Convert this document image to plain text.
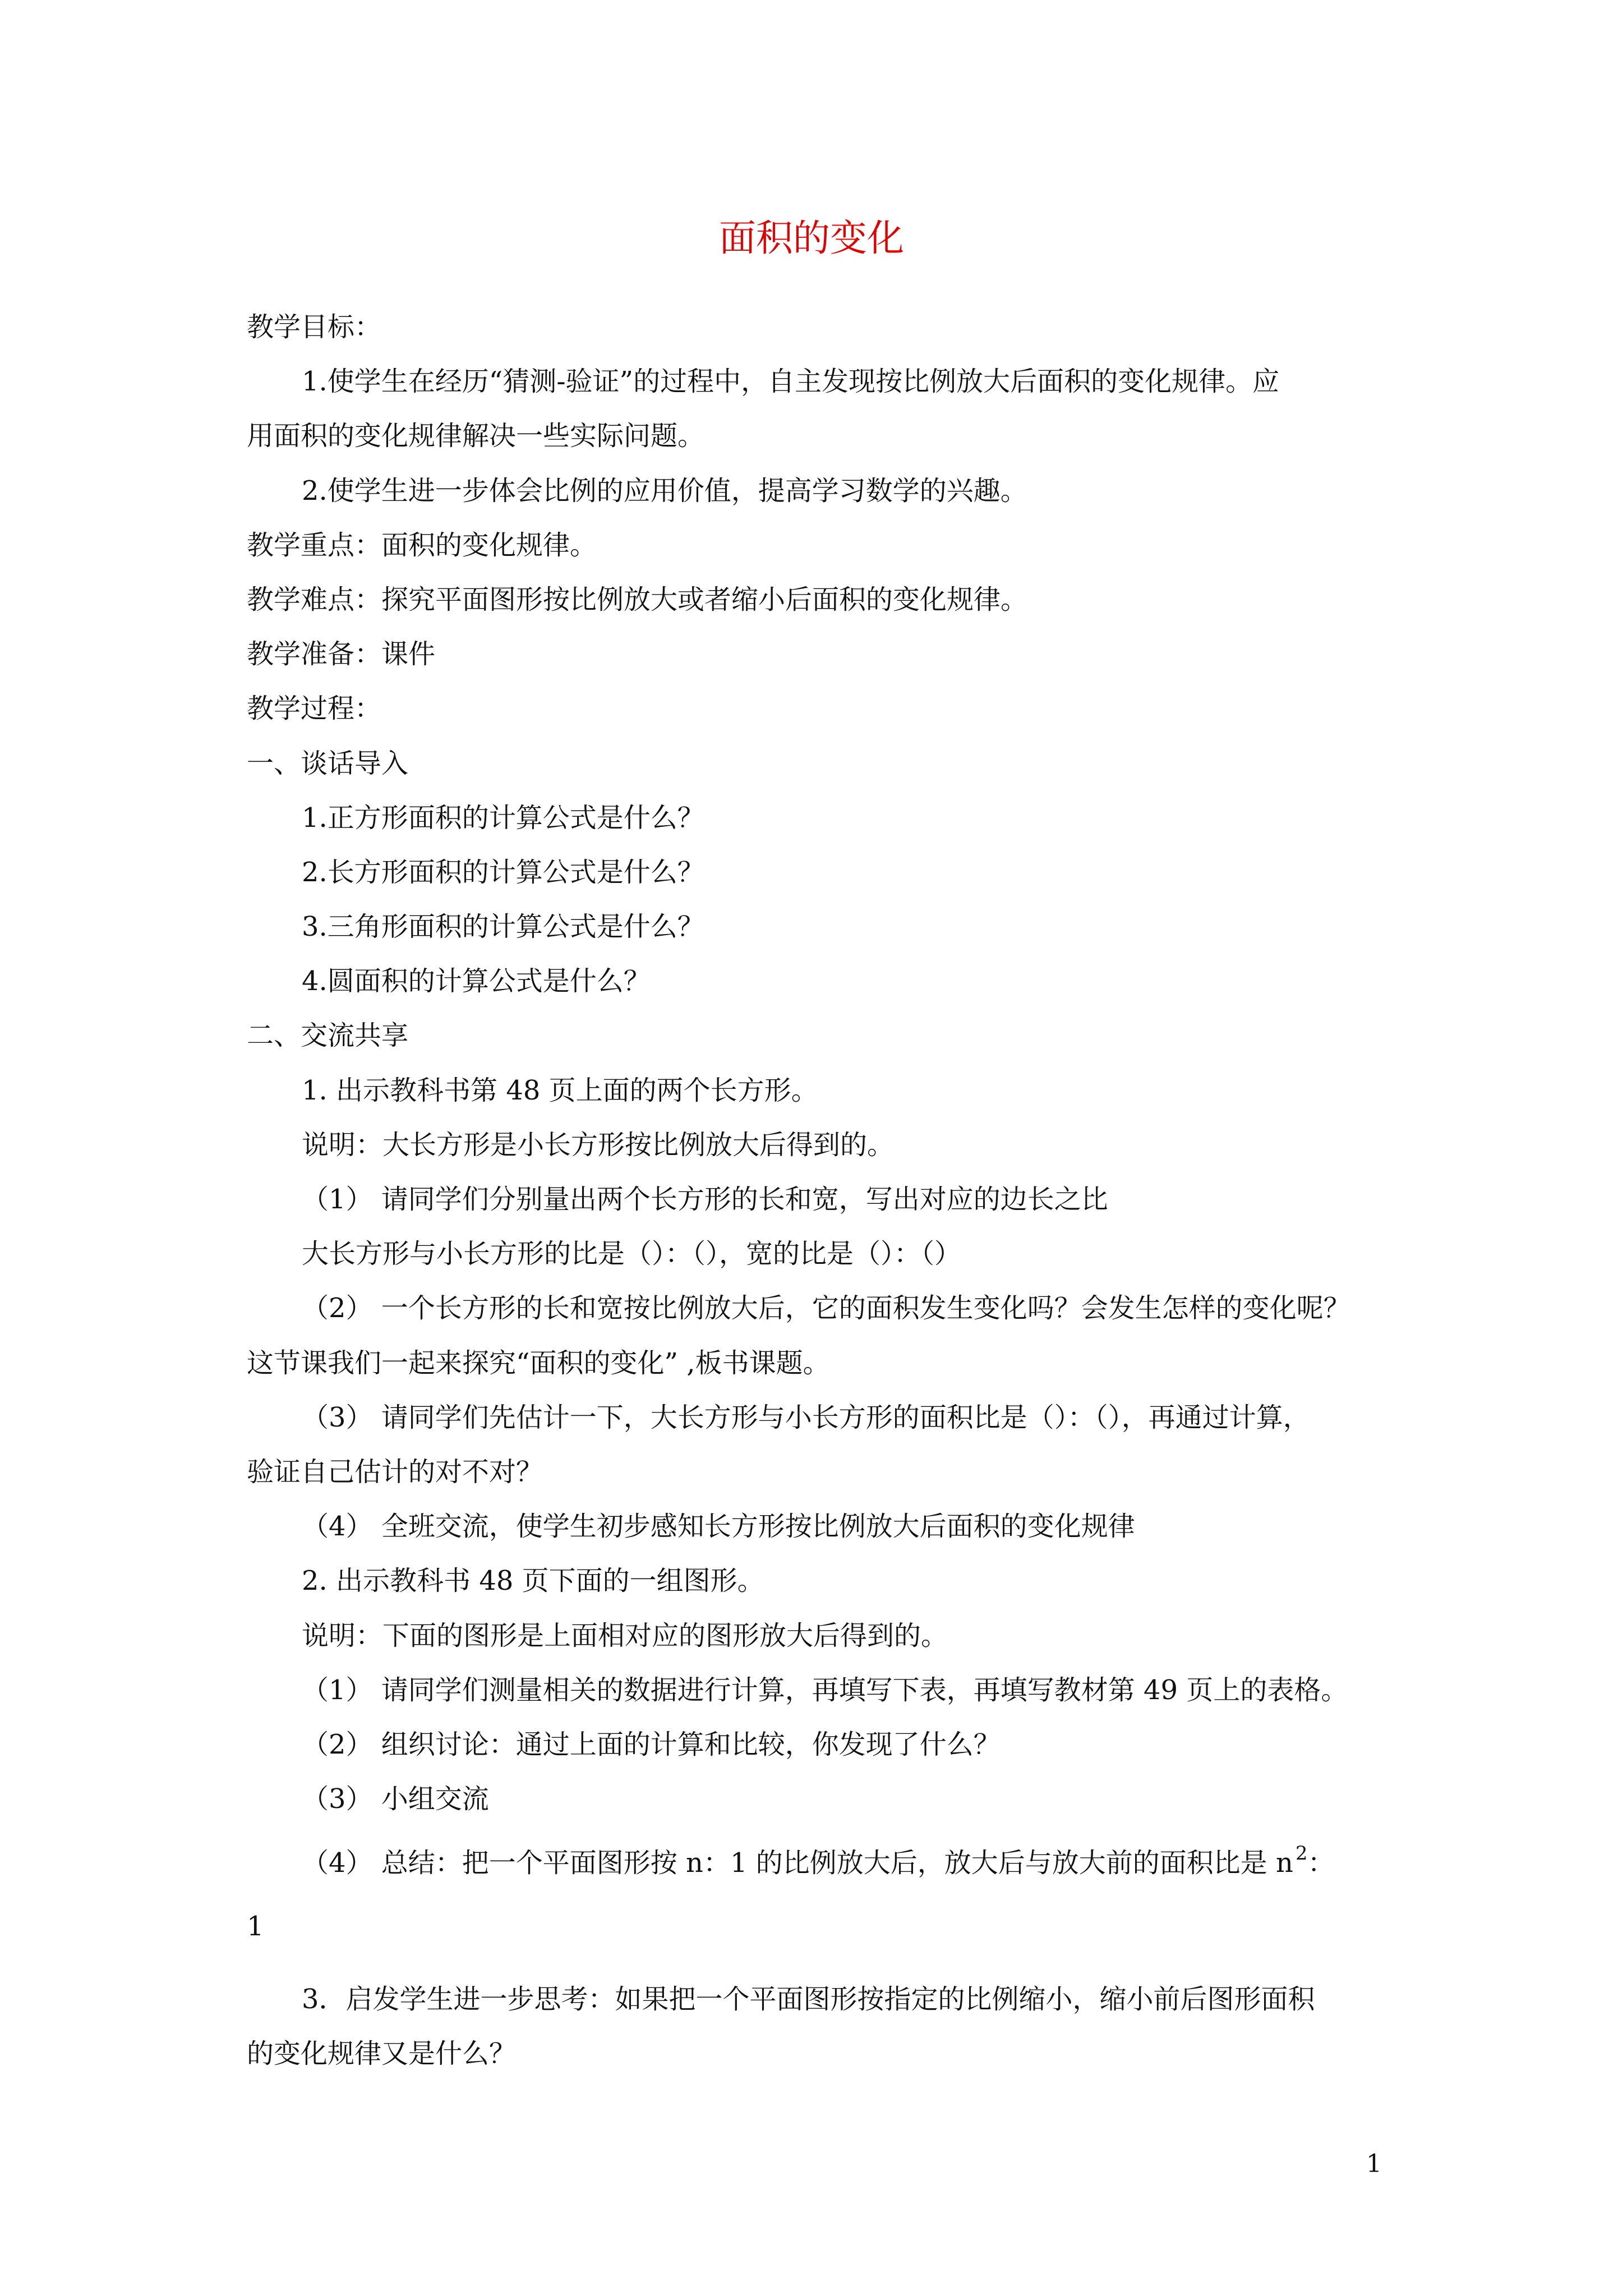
面积的变化

教学目标：

1.使学生在经历“猜测-验证”的过程中，自主发现按比例放大后面积的变化规律。应

用面积的变化规律解决一些实际问题。

2.使学生进一步体会比例的应用价值，提高学习数学的兴趣。

教学重点：面积的变化规律。

教学难点：探究平面图形按比例放大或者缩小后面积的变化规律。

教学准备：课件

教学过程：

一、谈话导入

1.正方形面积的计算公式是什么？

2.长方形面积的计算公式是什么？

3.三角形面积的计算公式是什么？

4.圆面积的计算公式是什么？

二、交流共享

1. 出示教科书第 48 页上面的两个长方形。

说明：大长方形是小长方形按比例放大后得到的。

（1） 请同学们分别量出两个长方形的长和宽，写出对应的边长之比

大长方形与小长方形的比是（）：（），宽的比是（）：（）

（2） 一个长方形的长和宽按比例放大后，它的面积发生变化吗？会发生怎样的变化呢？

这节课我们一起来探究“面积的变化” ,板书课题。

（3） 请同学们先估计一下，大长方形与小长方形的面积比是（）：（），再通过计算，

验证自己估计的对不对？

（4） 全班交流，使学生初步感知长方形按比例放大后面积的变化规律

2. 出示教科书 48 页下面的一组图形。

说明：下面的图形是上面相对应的图形放大后得到的。

（1） 请同学们测量相关的数据进行计算，再填写下表，再填写教材第 49 页上的表格。

（2） 组织讨论：通过上面的计算和比较，你发现了什么？

（3） 小组交流

（4） 总结：把一个平面图形按 n：1 的比例放大后，放大后与放大前的面积比是 n $^2$：

1

3．启发学生进一步思考：如果把一个平面图形按指定的比例缩小，缩小前后图形面积

的变化规律又是什么？

1
